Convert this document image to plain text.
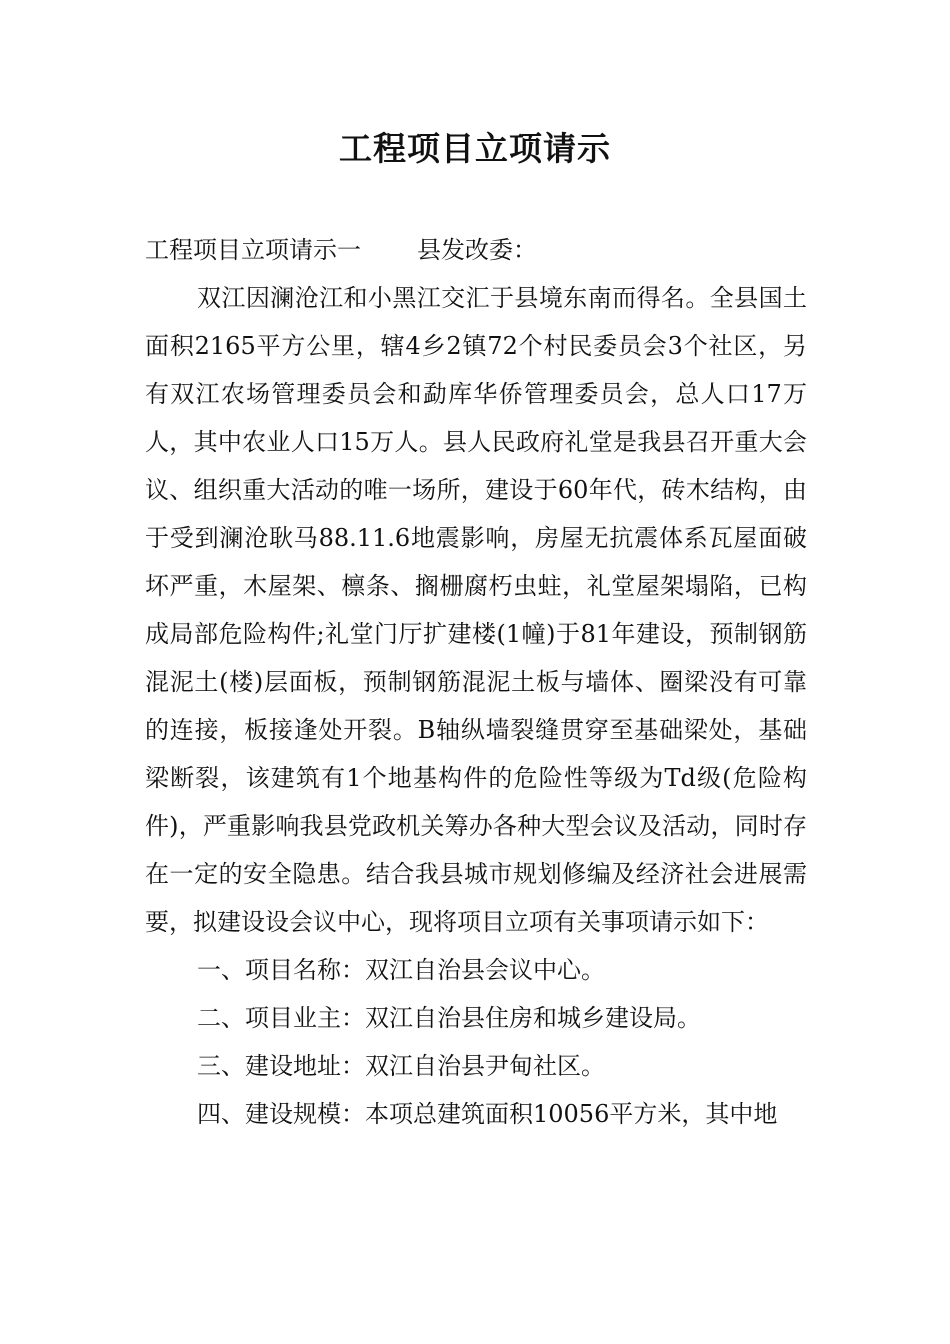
工程项目立项请示

工程项目立项请示一 县发改委：

双江因澜沧江和小黑江交汇于县境东南而得名。全县国土面积2165平方公里，辖4乡2镇72个村民委员会3个社区，另有双江农场管理委员会和勐库华侨管理委员会，总人口17万人，其中农业人口15万人。县人民政府礼堂是我县召开重大会议、组织重大活动的唯一场所，建设于60年代，砖木结构，由于受到澜沧耿马88.11.6地震影响，房屋无抗震体系瓦屋面破坏严重，木屋架、檩条、搁栅腐朽虫蛀，礼堂屋架塌陷，已构成局部危险构件;礼堂门厅扩建楼(1幢)于81年建设，预制钢筋混泥土(楼)层面板，预制钢筋混泥土板与墙体、圈梁没有可靠的连接，板接逢处开裂。B轴纵墙裂缝贯穿至基础梁处，基础梁断裂，该建筑有1个地基构件的危险性等级为Td级(危险构件)，严重影响我县党政机关筹办各种大型会议及活动，同时存在一定的安全隐患。结合我县城市规划修编及经济社会进展需要，拟建设设会议中心，现将项目立项有关事项请示如下：

一、项目名称：双江自治县会议中心。

二、项目业主：双江自治县住房和城乡建设局。

三、建设地址：双江自治县尹甸社区。

四、建设规模：本项总建筑面积10056平方米，其中地
